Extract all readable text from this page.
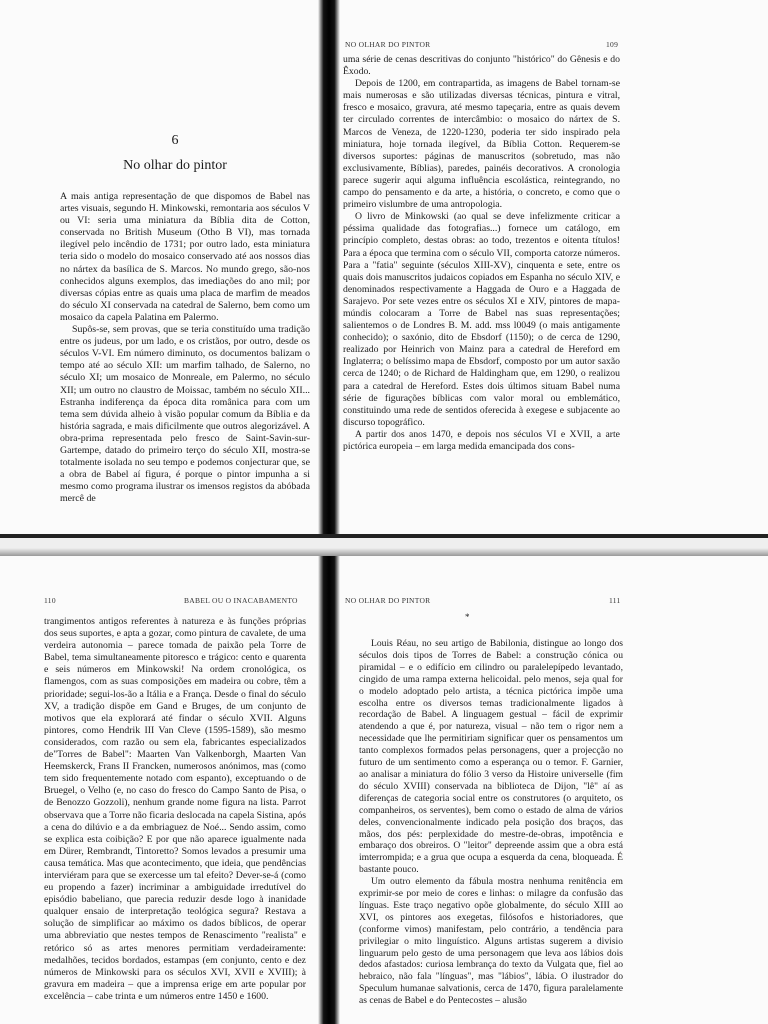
6
No olhar do pintor

A mais antiga representação de que dispomos de Babel nas artes visuais, segundo H. Minkowski, remontaria aos séculos V ou VI: seria uma miniatura da Bíblia dita de Cotton, conservada no British Museum (Otho B VI), mas tornada ilegível pelo incêndio de 1731; por outro lado, esta miniatura teria sido o modelo do mosaico conservado até aos nossos dias no nártex da basílica de S. Marcos. No mundo grego, são-nos conhecidos alguns exemplos, das imediações do ano mil; por diversas cópias entre as quais uma placa de marfim de meados do século XI conservada na catedral de Salerno, bem como um mosaico da capela Palatina em Palermo.

Supôs-se, sem provas, que se teria constituído uma tradição entre os judeus, por um lado, e os cristãos, por outro, desde os séculos V-VI. Em número diminuto, os documentos balizam o tempo até ao século XII: um marfim talhado, de Salerno, no século XI; um mosaico de Monreale, em Palermo, no século XII; um outro no claustro de Moissac, também no século XII... Estranha indiferença da época dita românica para com um tema sem dúvida alheio à visão popular comum da Bíblia e da história sagrada, e mais dificilmente que outros alegorizável. A obra-prima representada pelo fresco de Saint-Savin-sur-Gartempe, datado do primeiro terço do século XII, mostra-se totalmente isolada no seu tempo e podemos conjecturar que, se a obra de Babel aí figura, é porque o pintor impunha a si mesmo como programa ilustrar os imensos registos da abóbada mercê de

NO OLHAR DO PINTOR	109

uma série de cenas descritivas do conjunto "histórico" do Gênesis e do Êxodo.

Depois de 1200, em contrapartida, as imagens de Babel tornam-se mais numerosas e são utilizadas diversas técnicas, pintura e vitral, fresco e mosaico, gravura, até mesmo tapeçaria, entre as quais devem ter circulado correntes de intercâmbio: o mosaico do nártex de S. Marcos de Veneza, de 1220-1230, poderia ter sido inspirado pela miniatura, hoje tornada ilegível, da Bíblia Cotton. Requerem-se diversos suportes: páginas de manuscritos (sobretudo, mas não exclusivamente, Bíblias), paredes, painéis decorativos. A cronologia parece sugerir aqui alguma influência escolástica, reintegrando, no campo do pensamento e da arte, a história, o concreto, e como que o primeiro vislumbre de uma antropologia.

O livro de Minkowski (ao qual se deve infelizmente criticar a péssima qualidade das fotografias...) fornece um catálogo, em princípio completo, destas obras: ao todo, trezentos e oitenta títulos! Para a época que termina com o século VII, comporta catorze números. Para a "fatia" seguinte (séculos XIII-XV), cinquenta e sete, entre os quais dois manuscritos judaicos copiados em Espanha no século XIV, e denominados respectivamente a Haggada de Ouro e a Haggada de Sarajevo. Por sete vezes entre os séculos XI e XIV, pintores de mapa-múndis colocaram a Torre de Babel nas suas representações; salientemos o de Londres B. M. add. mss l0049 (o mais antigamente conhecido); o saxónio, dito de Ebsdorf (1150); o de cerca de 1290, realizado por Heinrich von Mainz para a catedral de Hereford em Inglaterra; o belíssimo mapa de Ebsdorf, composto por um autor saxão cerca de 1240; o de Richard de Haldingham que, em 1290, o realizou para a catedral de Hereford. Estes dois últimos situam Babel numa série de figurações bíblicas com valor moral ou emblemático, constituindo uma rede de sentidos oferecida à exegese e subjacente ao discurso topográfico.

A partir dos anos 1470, e depois nos séculos VI e XVII, a arte pictórica europeia – em larga medida emancipada dos cons-

110	BABEL OU O INACABAMENTO

trangimentos antigos referentes à natureza e às funções próprias dos seus suportes, e apta a gozar, como pintura de cavalete, de uma verdeira autonomia – parece tomada de paixão pela Torre de Babel, tema simultaneamente pitoresco e trágico: cento e quarenta e seis números em Minkowski! Na ordem cronológica, os flamengos, com as suas composições em madeira ou cobre, têm a prioridade; segui-los-ão a Itália e a França. Desde o final do século XV, a tradição dispõe em Gand e Bruges, de um conjunto de motivos que ela explorará até findar o século XVII. Alguns pintores, como Hendrik III Van Cleve (1595-1589), são mesmo considerados, com razão ou sem ela, fabricantes especializados de"Torres de Babel": Maarten Van Valkenborgh, Maarten Van Heemskerck, Frans II Francken, numerosos anónimos, mas (como tem sido frequentemente notado com espanto), exceptuando o de Bruegel, o Velho (e, no caso do fresco do Campo Santo de Pisa, o de Benozzo Gozzoli), nenhum grande nome figura na lista. Parrot observava que a Torre não ficaria deslocada na capela Sistina, após a cena do dilúvio e a da embriaguez de Noé... Sendo assim, como se explica esta coibição? E por que não aparece igualmente nada em Dürer, Rembrandt, Tintoretto? Somos levados a presumir uma causa temática. Mas que acontecimento, que ideia, que pendências interviéram para que se exercesse um tal efeito? Dever-se-á (como eu propendo a fazer) incriminar a ambiguidade irredutível do episódio babeliano, que parecia reduzir desde logo à inanidade qualquer ensaio de interpretação teológica segura? Restava a solução de simplificar ao máximo os dados bíblicos, de operar uma abbreviatio que nestes tempos de Renascimento "realista" e retórico só as artes menores permitiam verdadeiramente: medalhões, tecidos bordados, estampas (em conjunto, cento e dez números de Minkowski para os séculos XVI, XVII e XVIII); à gravura em madeira – que a imprensa erige em arte popular por excelência – cabe trinta e um números entre 1450 e 1600.

NO OLHAR DO PINTOR	111
*

Louis Réau, no seu artigo de Babilonia, distingue ao longo dos séculos dois tipos de Torres de Babel: a construção cónica ou piramidal – e o edifício em cilindro ou paralelepípedo levantado, cingido de uma rampa externa helicoidal. pelo menos, seja qual for o modelo adoptado pelo artista, a técnica pictórica impõe uma escolha entre os diversos temas tradicionalmente ligados à recordação de Babel. A linguagem gestual – fácil de exprimir atendendo a que é, por natureza, visual – não tem o rigor nem a necessidade que lhe permitiriam significar quer os pensamentos um tanto complexos formados pelas personagens, quer a projecção no futuro de um sentimento como a esperança ou o temor. F. Garnier, ao analisar a miniatura do fólio 3 verso da Histoire universelle (fim do século XVIII) conservada na biblioteca de Dijon, "lê" aí as diferenças de categoria social entre os construtores (o arquiteto, os companheiros, os serventes), bem como o estado de alma de vários deles, convencionalmente indicado pela posição dos braços, das mãos, dos pés: perplexidade do mestre-de-obras, impotência e embaraço dos obreiros. O "leitor" depreende assim que a obra está imterrompida; e a grua que ocupa a esquerda da cena, bloqueada. É bastante pouco.

Um outro elemento da fábula mostra nenhuma renitência em exprimir-se por meio de cores e linhas: o milagre da confusão das línguas. Este traço negativo opõe globalmente, do século XIII ao XVI, os pintores aos exegetas, filósofos e historiadores, que (conforme vimos) manifestam, pelo contrário, a tendência para privilegiar o mito linguístico. Alguns artistas sugerem a divisio linguarum pelo gesto de uma personagem que leva aos lábios dois dedos afastados: curiosa lembrança do texto da Vulgata que, fiel ao hebraico, não fala "línguas", mas "lábios", lábia. O ilustrador do Speculum humanae salvationis, cerca de 1470, figura paralelamente as cenas de Babel e do Pentecostes – alusão
